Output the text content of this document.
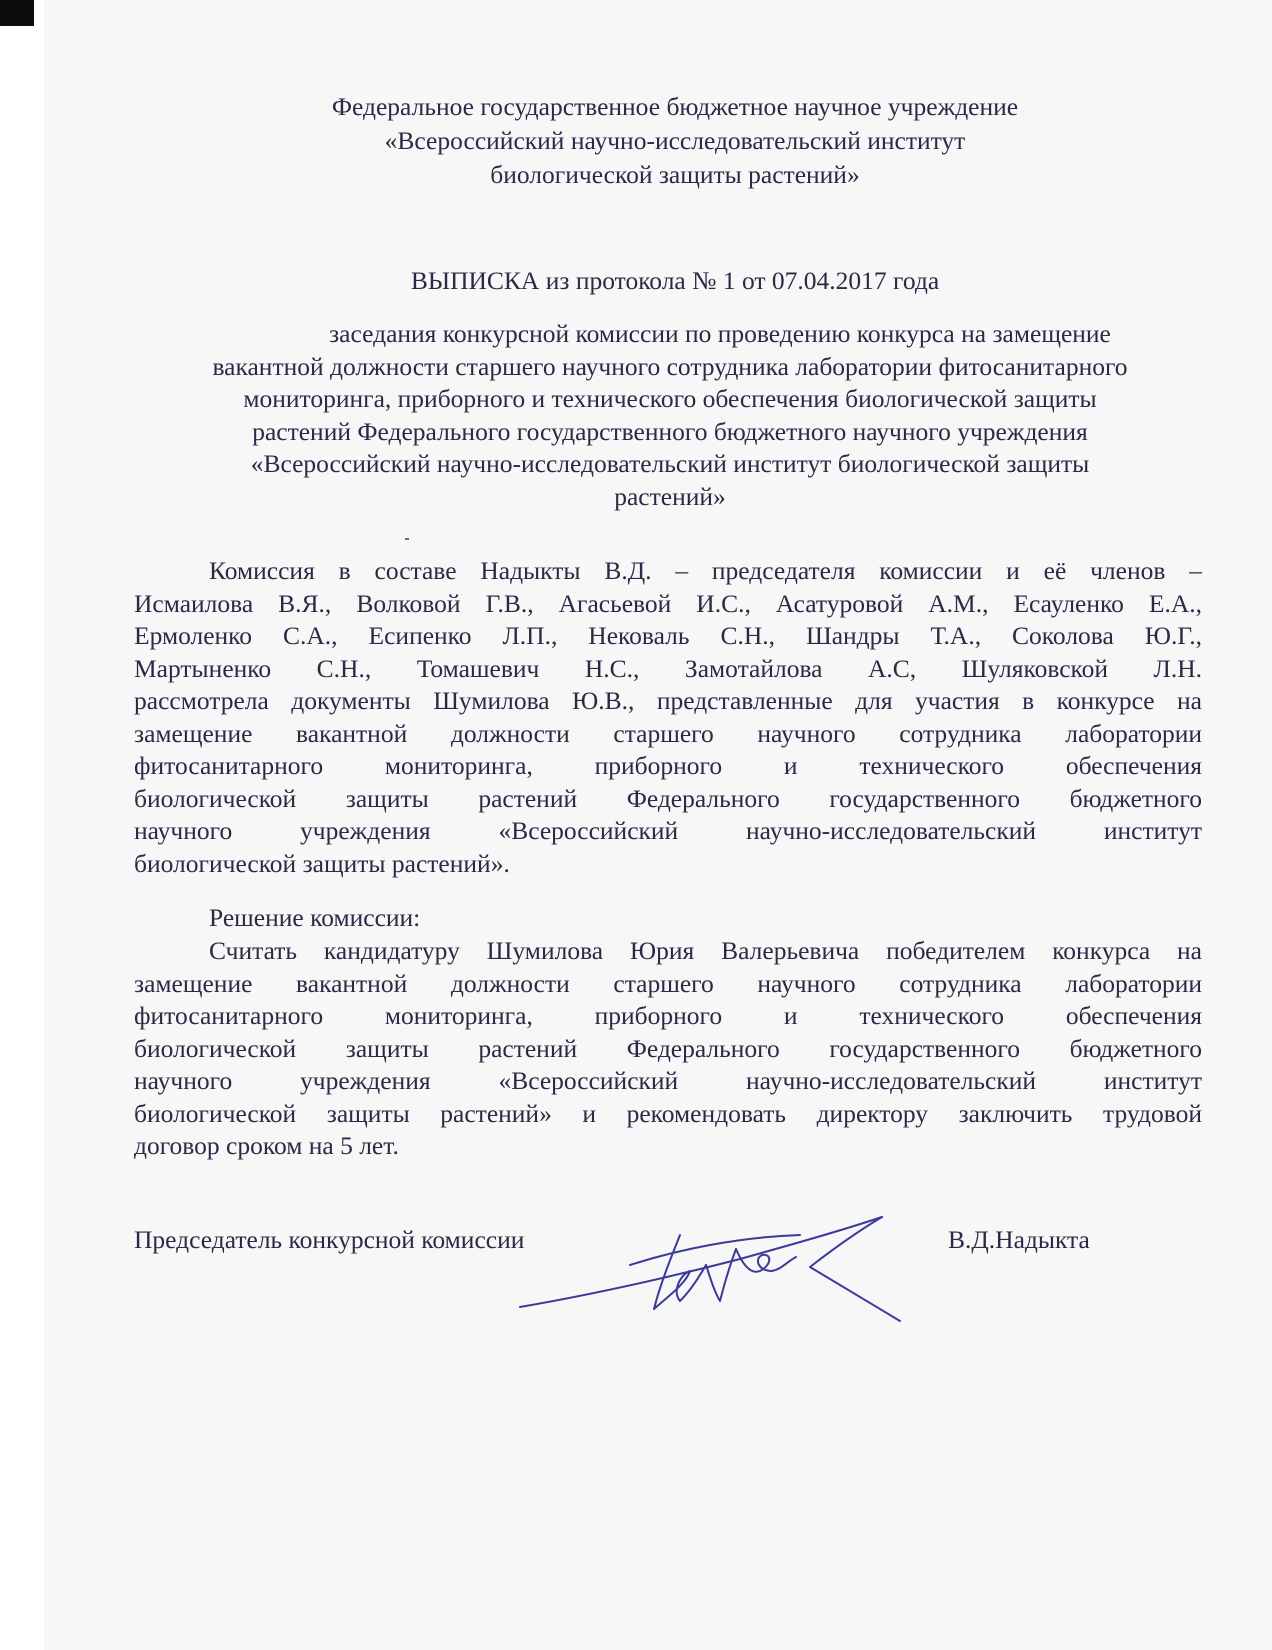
Федеральное государственное бюджетное научное учреждение
«Всероссийский научно-исследовательский институт
биологической защиты растений»
ВЫПИСКА из протокола № 1 от 07.04.2017 года
заседания конкурсной комиссии по проведению конкурса на замещение
вакантной должности старшего научного сотрудника лаборатории фитосанитарного
мониторинга, приборного и технического обеспечения биологической защиты
растений Федерального государственного бюджетного научного учреждения
«Всероссийский научно-исследовательский институт биологической защиты
растений»
Комиссия в составе Надыкты В.Д. – председателя комиссии и её членов –
Исмаилова В.Я., Волковой Г.В., Агасьевой И.С., Асатуровой А.М., Есауленко Е.А.,
Ермоленко С.А., Есипенко Л.П., Нековаль С.Н., Шандры Т.А., Соколова Ю.Г.,
Мартыненко С.Н., Томашевич Н.С., Замотайлова А.С, Шуляковской Л.Н.
рассмотрела документы Шумилова Ю.В., представленные для участия в конкурсе на
замещение вакантной должности старшего научного сотрудника лаборатории
фитосанитарного мониторинга, приборного и технического обеспечения
биологической защиты растений Федерального государственного бюджетного
научного учреждения «Всероссийский научно-исследовательский институт
биологической защиты растений».
Решение комиссии:
Считать кандидатуру Шумилова Юрия Валерьевича победителем конкурса на
замещение вакантной должности старшего научного сотрудника лаборатории
фитосанитарного мониторинга, приборного и технического обеспечения
биологической защиты растений Федерального государственного бюджетного
научного учреждения «Всероссийский научно-исследовательский институт
биологической защиты растений» и рекомендовать директору заключить трудовой
договор сроком на 5 лет.
Председатель конкурсной комиссии	В.Д.Надыкта
